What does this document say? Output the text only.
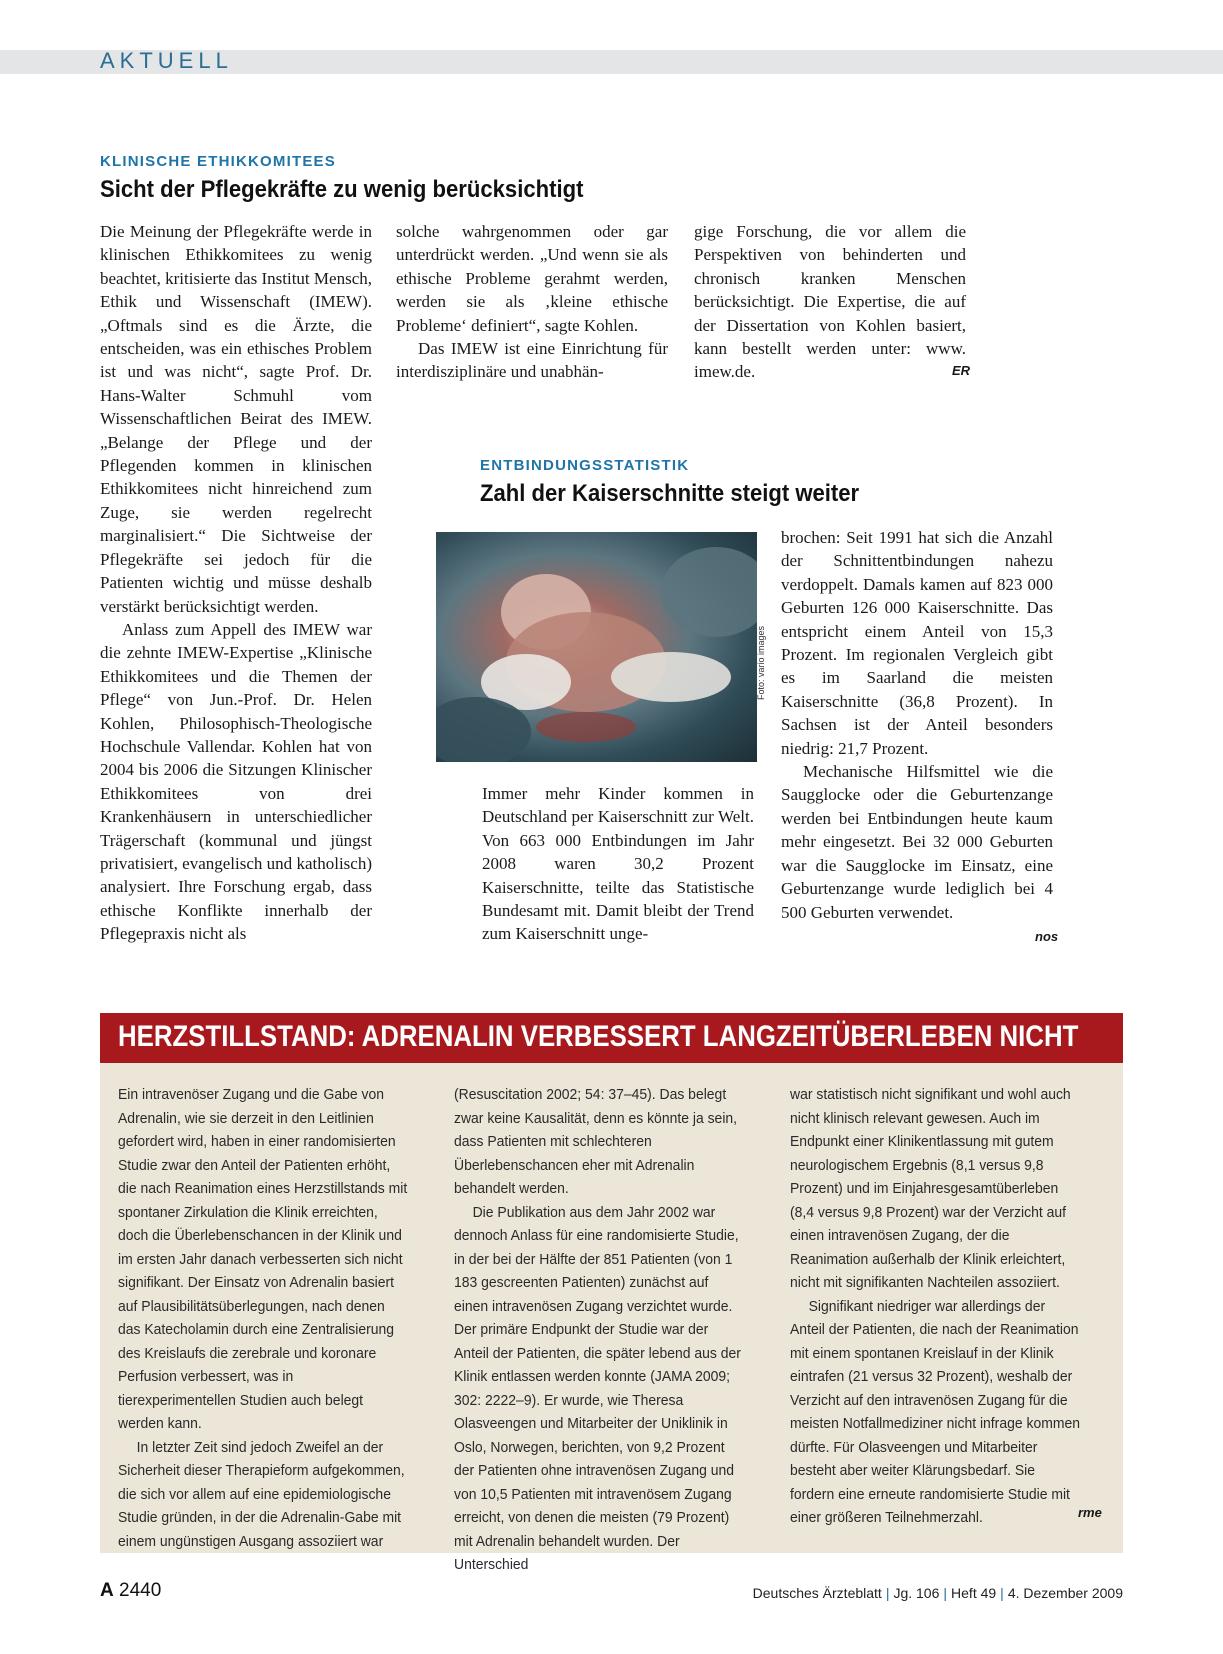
AKTUELL
KLINISCHE ETHIKKOMITEES
Sicht der Pflegekräfte zu wenig berücksichtigt

Die Meinung der Pflegekräfte werde in klinischen Ethikkomitees zu wenig beachtet, kritisierte das Institut Mensch, Ethik und Wissenschaft (IMEW). „Oftmals sind es die Ärzte, die entscheiden, was ein ethisches Problem ist und was nicht“, sagte Prof. Dr. Hans-Walter Schmuhl vom Wissenschaftlichen Beirat des IMEW. „Belange der Pflege und der Pflegenden kommen in klinischen Ethikkomitees nicht hinreichend zum Zuge, sie werden regelrecht marginalisiert.“ Die Sichtweise der Pflegekräfte sei jedoch für die Patienten wichtig und müsse deshalb verstärkt berücksichtigt werden.

Anlass zum Appell des IMEW war die zehnte IMEW-Expertise „Klinische Ethikkomitees und die Themen der Pflege“ von Jun.-Prof. Dr. Helen Kohlen, Philosophisch-Theologische Hochschule Vallendar. Kohlen hat von 2004 bis 2006 die Sitzungen Klinischer Ethikkomitees von drei Krankenhäusern in unterschiedlicher Trägerschaft (kommunal und jüngst privatisiert, evangelisch und katholisch) analysiert. Ihre Forschung ergab, dass ethische Konflikte innerhalb der Pflegepraxis nicht als

solche wahrgenommen oder gar unterdrückt werden. „Und wenn sie als ethische Probleme gerahmt werden, werden sie als ‚kleine ethische Probleme‘ definiert“, sagte Kohlen.

Das IMEW ist eine Einrichtung für interdisziplinäre und unabhän-

gige Forschung, die vor allem die Perspektiven von behinderten und chronisch kranken Menschen berücksichtigt. Die Expertise, die auf der Dissertation von Kohlen basiert, kann bestellt werden unter: www. imew.de.	ER
ENTBINDUNGSSTATISTIK
Zahl der Kaiserschnitte steigt weiter
Foto: vario images

Immer mehr Kinder kommen in Deutschland per Kaiserschnitt zur Welt. Von 663 000 Entbindungen im Jahr 2008 waren 30,2 Prozent Kaiserschnitte, teilte das Statistische Bundesamt mit. Damit bleibt der Trend zum Kaiserschnitt unge-

brochen: Seit 1991 hat sich die Anzahl der Schnittentbindungen nahezu verdoppelt. Damals kamen auf 823 000 Geburten 126 000 Kaiserschnitte. Das entspricht einem Anteil von 15,3 Prozent. Im regionalen Vergleich gibt es im Saarland die meisten Kaiserschnitte (36,8 Prozent). In Sachsen ist der Anteil besonders niedrig: 21,7 Prozent.

Mechanische Hilfsmittel wie die Saugglocke oder die Geburtenzange werden bei Entbindungen heute kaum mehr eingesetzt. Bei 32 000 Geburten war die Saugglocke im Einsatz, eine Geburtenzange wurde lediglich bei 4 500 Geburten verwendet.

nos
HERZSTILLSTAND: ADRENALIN VERBESSERT LANGZEITÜBERLEBEN NICHT

Ein intravenöser Zugang und die Gabe von Adrenalin, wie sie derzeit in den Leitlinien gefordert wird, haben in einer randomisierten Studie zwar den Anteil der Patienten erhöht, die nach Reanimation eines Herzstillstands mit spontaner Zirkulation die Klinik erreichten, doch die Überlebenschancen in der Klinik und im ersten Jahr danach verbesserten sich nicht signifikant. Der Einsatz von Adrenalin basiert auf Plausibilitätsüberlegungen, nach denen das Katecholamin durch eine Zentralisierung des Kreislaufs die zerebrale und koronare Perfusion verbessert, was in tierexperimentellen Studien auch belegt werden kann.

In letzter Zeit sind jedoch Zweifel an der Sicherheit dieser Therapieform aufgekommen, die sich vor allem auf eine epidemiologische Studie gründen, in der die Adrenalin-Gabe mit einem ungünstigen Ausgang assoziiert war

(Resuscitation 2002; 54: 37–45). Das belegt zwar keine Kausalität, denn es könnte ja sein, dass Patienten mit schlechteren Überlebenschancen eher mit Adrenalin behandelt werden.

Die Publikation aus dem Jahr 2002 war dennoch Anlass für eine randomisierte Studie, in der bei der Hälfte der 851 Patienten (von 1 183 gescreenten Patienten) zunächst auf einen intravenösen Zugang verzichtet wurde. Der primäre Endpunkt der Studie war der Anteil der Patienten, die später lebend aus der Klinik entlassen werden konnte (JAMA 2009; 302: 2222–9). Er wurde, wie Theresa Olasveengen und Mitarbeiter der Uniklinik in Oslo, Norwegen, berichten, von 9,2 Prozent der Patienten ohne intravenösen Zugang und von 10,5 Patienten mit intravenösem Zugang erreicht, von denen die meisten (79 Prozent) mit Adrenalin behandelt wurden. Der Unterschied

war statistisch nicht signifikant und wohl auch nicht klinisch relevant gewesen. Auch im Endpunkt einer Klinikentlassung mit gutem neurologischem Ergebnis (8,1 versus 9,8 Prozent) und im Einjahresgesamtüberleben (8,4 versus 9,8 Prozent) war der Verzicht auf einen intravenösen Zugang, der die Reanimation außerhalb der Klinik erleichtert, nicht mit signifikanten Nachteilen assoziiert.

Signifikant niedriger war allerdings der Anteil der Patienten, die nach der Reanimation mit einem spontanen Kreislauf in der Klinik eintrafen (21 versus 32 Prozent), weshalb der Verzicht auf den intravenösen Zugang für die meisten Notfallmediziner nicht infrage kommen dürfte. Für Olasveengen und Mitarbeiter besteht aber weiter Klärungsbedarf. Sie fordern eine erneute randomisierte Studie mit einer größeren Teilnehmerzahl.	rme
A 2440	Deutsches Ärzteblatt | Jg. 106 | Heft 49 | 4. Dezember 2009
